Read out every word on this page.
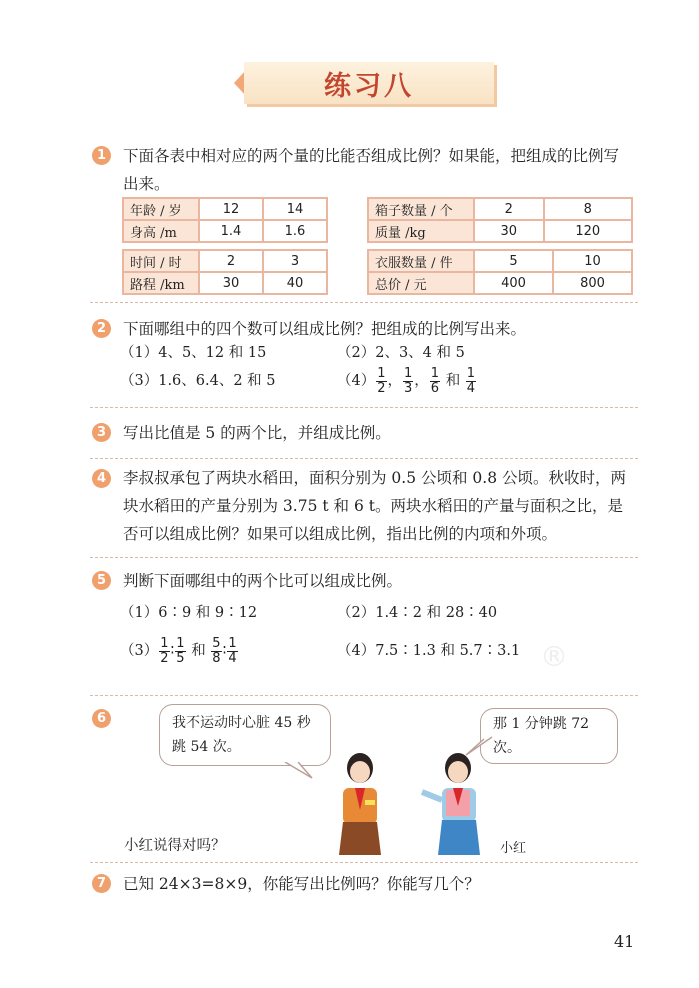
练习八
1	下面各表中相对应的两个量的比能否组成比例？如果能，把组成的比例写
出来。
年龄 / 岁	12	14
身高 /m	1.4	1.6
箱子数量 / 个	2	8
质量 /kg	30	120
时间 / 时	2	3
路程 /km	30	40
衣服数量 / 件	5	10
总价 / 元	400	800
2	下面哪组中的四个数可以组成比例？把组成的比例写出来。
（1）4、5、12 和 15	（2）2、3、4 和 5
（3）1.6、6.4、2 和 5	$(4) \frac{1}{2}$ ， $\frac{1}{3}$ ， $\frac{1}{6}$ 和 $\frac{1}{4}$
3	写出比值是 5 的两个比，并组成比例。
4	李叔叔承包了两块水稻田，面积分别为 0.5 公顷和 0.8 公顷。秋收时，两
块水稻田的产量分别为 3.75 t 和 6 t。两块水稻田的产量与面积之比，是
否可以组成比例？如果可以组成比例，指出比例的内项和外项。
5	判断下面哪组中的两个比可以组成比例。
（1）6∶9 和 9∶12	（2）1.4∶2 和 28∶40
$(3) \frac{1}{2}$ ∶ $\frac{1}{5}$ 和 $\frac{5}{8}$ ∶ $\frac{1}{4}$	（4）7.5∶1.3 和 5.7∶3.1 ®
6	我不运动时心脏 45 秒
跳 54 次。
那 1 分钟跳 72 次。
小红说得对吗？	小红
7	已知 24×3=8×9，你能写出比例吗？你能写几个？
41
